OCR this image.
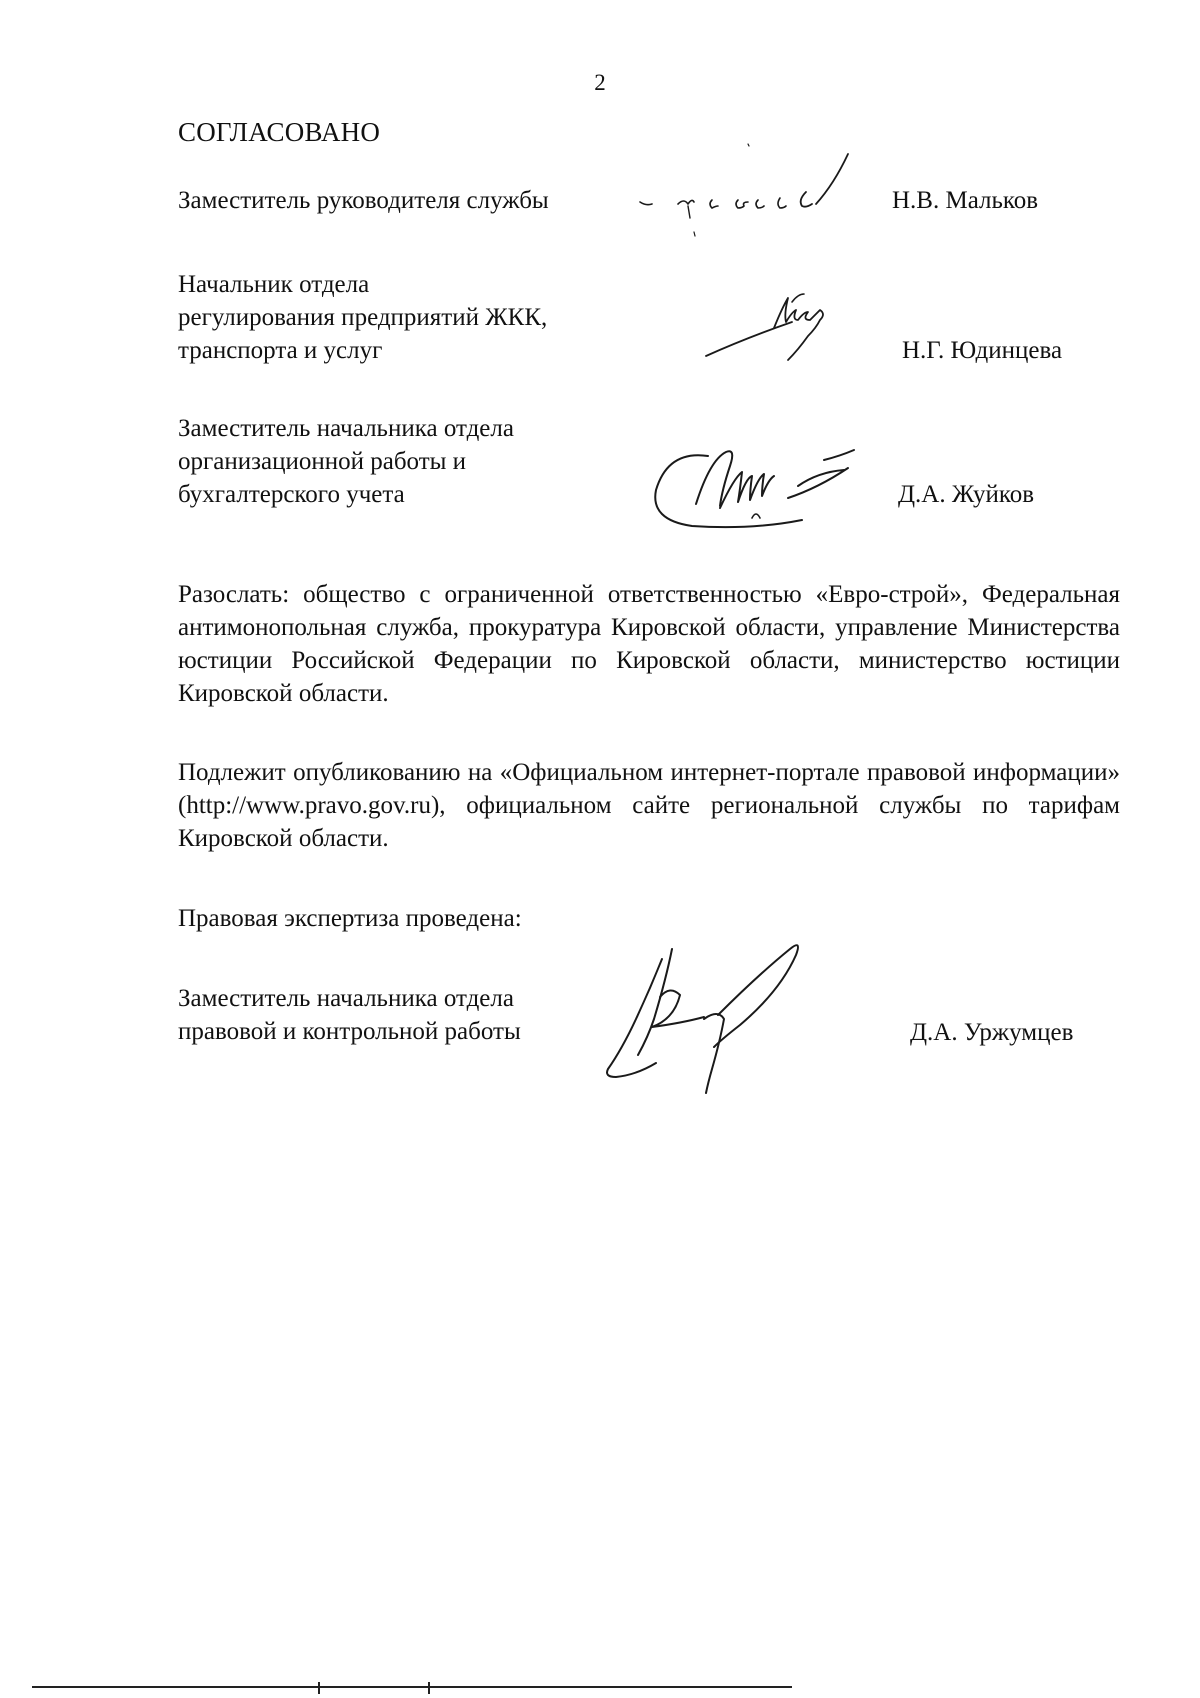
2
СОГЛАСОВАНО
Заместитель руководителя службы	Н.В. Мальков
Начальник отдела
регулирования предприятий ЖКК,
транспорта и услуг	Н.Г. Юдинцева
Заместитель начальника отдела
организационной работы и
бухгалтерского учета	Д.А. Жуйков
Разослать: общество с ограниченной ответственностью «Евро-строй», Федеральная антимонопольная служба, прокуратура Кировской области, управление Министерства юстиции Российской Федерации по Кировской области, министерство юстиции Кировской области.
Подлежит опубликованию на «Официальном интернет-портале правовой информации» (http://www.pravo.gov.ru), официальном сайте региональной службы по тарифам Кировской области.
Правовая экспертиза проведена:
Заместитель начальника отдела
правовой и контрольной работы	Д.А. Уржумцев
